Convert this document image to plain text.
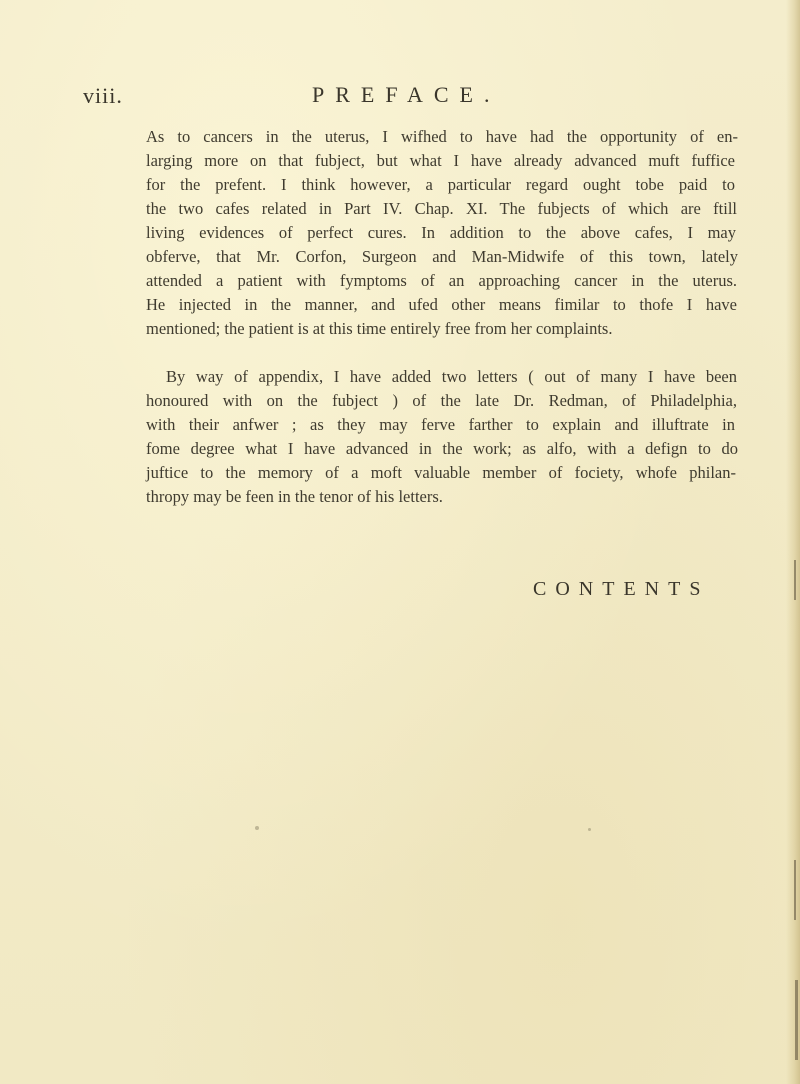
viii.	PREFACE.
As to cancers in the uterus, I wifhed to have had the opportunity of en-
larging more on that fubject, but what I have already advanced muft fuffice
for the prefent. I think however, a particular regard ought tobe paid to
the two cafes related in Part IV. Chap. XI. The fubjects of which are ftill
living evidences of perfect cures. In addition to the above cafes, I may
obferve, that Mr. Corfon, Surgeon and Man-Midwife of this town, lately
attended a patient with fymptoms of an approaching cancer in the uterus.
He injected in the manner, and ufed other means fimilar to thofe I have
mentioned; the patient is at this time entirely free from her complaints.
By way of appendix, I have added two letters ( out of many I have been
honoured with on the fubject ) of the late Dr. Redman, of Philadelphia,
with their anfwer ; as they may ferve farther to explain and illuftrate in
fome degree what I have advanced in the work; as alfo, with a defign to do
juftice to the memory of a moft valuable member of fociety, whofe philan-
thropy may be feen in the tenor of his letters.
CONTENTS
